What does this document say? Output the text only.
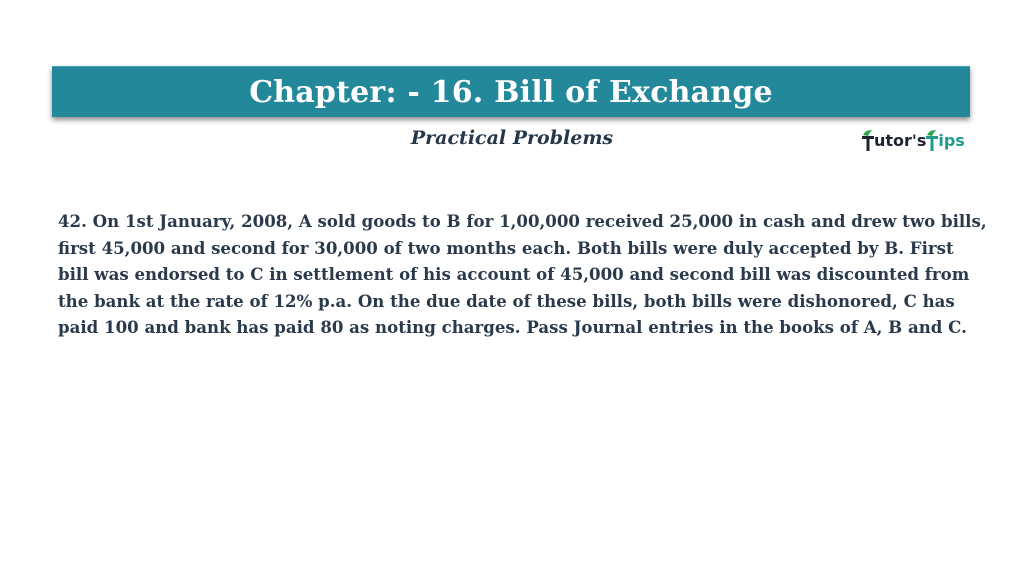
Chapter: - 16. Bill of Exchange
Practical Problems	utor's ips

42. On 1st January, 2008, A sold goods to B for 1,00,000 received 25,000 in cash and drew two bills, first 45,000 and second for 30,000 of two months each. Both bills were duly accepted by B. First bill was endorsed to C in settlement of his account of 45,000 and second bill was discounted from the bank at the rate of 12% p.a. On the due date of these bills, both bills were dishonored, C has paid 100 and bank has paid 80 as noting charges. Pass Journal entries in the books of A, B and C.
